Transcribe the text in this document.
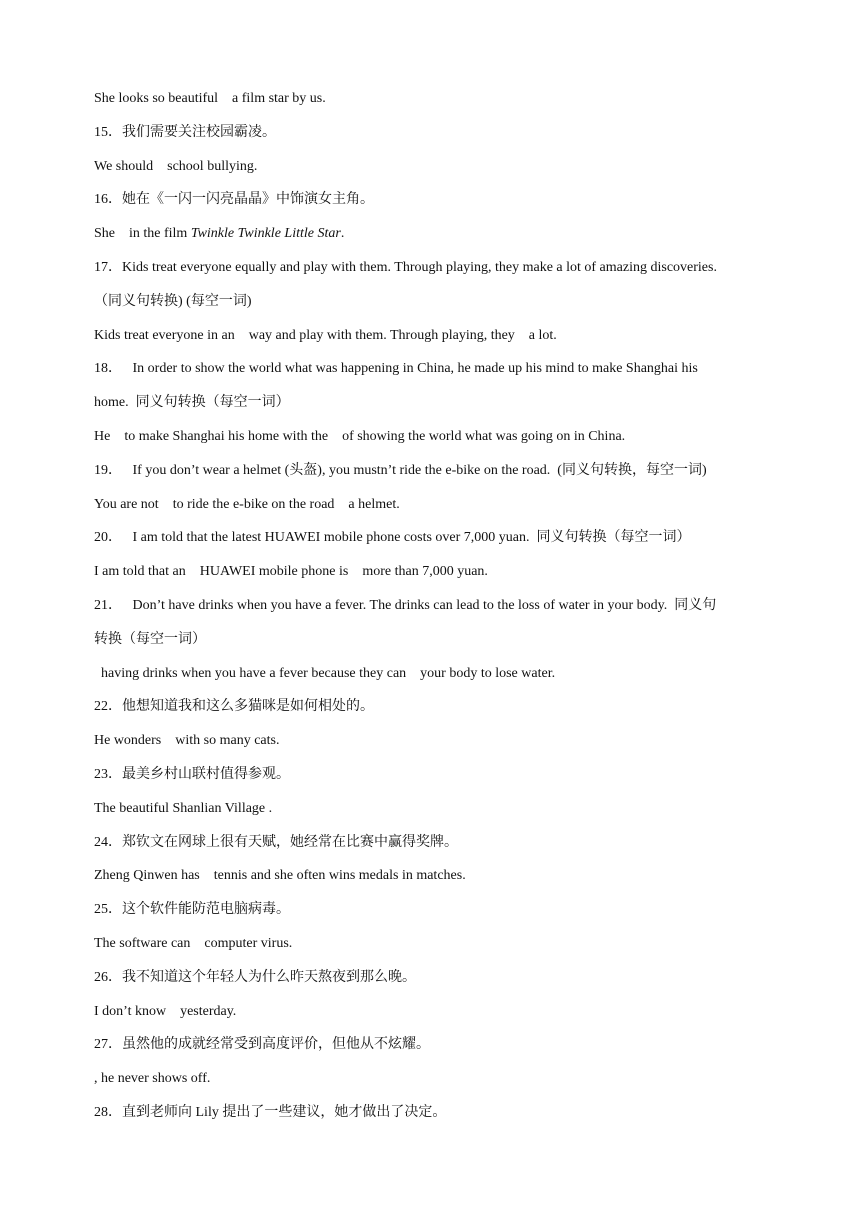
She looks so beautiful    a film star by us.
15．我们需要关注校园霸凌。
We should    school bullying.
16．她在《一闪一闪亮晶晶》中饰演女主角。
She    in the film Twinkle Twinkle Little Star.
17．Kids treat everyone equally and play with them. Through playing, they make a lot of amazing discoveries.
（同义句转换) (每空一词)
Kids treat everyone in an    way and play with them. Through playing, they    a lot.
18．   In order to show the world what was happening in China, he made up his mind to make Shanghai his
home.  同义句转换（每空一词）
He    to make Shanghai his home with the    of showing the world what was going on in China.
19．   If you don’t wear a helmet (头盔), you mustn’t ride the e-bike on the road.  (同义句转换，每空一词)
You are not    to ride the e-bike on the road    a helmet.
20．   I am told that the latest HUAWEI mobile phone costs over 7,000 yuan.  同义句转换（每空一词）
I am told that an    HUAWEI mobile phone is    more than 7,000 yuan.
21．   Don’t have drinks when you have a fever. The drinks can lead to the loss of water in your body.  同义句
转换（每空一词）
having drinks when you have a fever because they can    your body to lose water.
22．他想知道我和这么多猫咪是如何相处的。
He wonders    with so many cats.
23．最美乡村山联村值得参观。
The beautiful Shanlian Village .
24．郑钦文在网球上很有天赋，她经常在比赛中赢得奖牌。
Zheng Qinwen has    tennis and she often wins medals in matches.
25．这个软件能防范电脑病毒。
The software can    computer virus.
26．我不知道这个年轻人为什么昨天熬夜到那么晚。
I don’t know    yesterday.
27．虽然他的成就经常受到高度评价，但他从不炫耀。
, he never shows off.
28．直到老师向 Lily 提出了一些建议，她才做出了决定。
